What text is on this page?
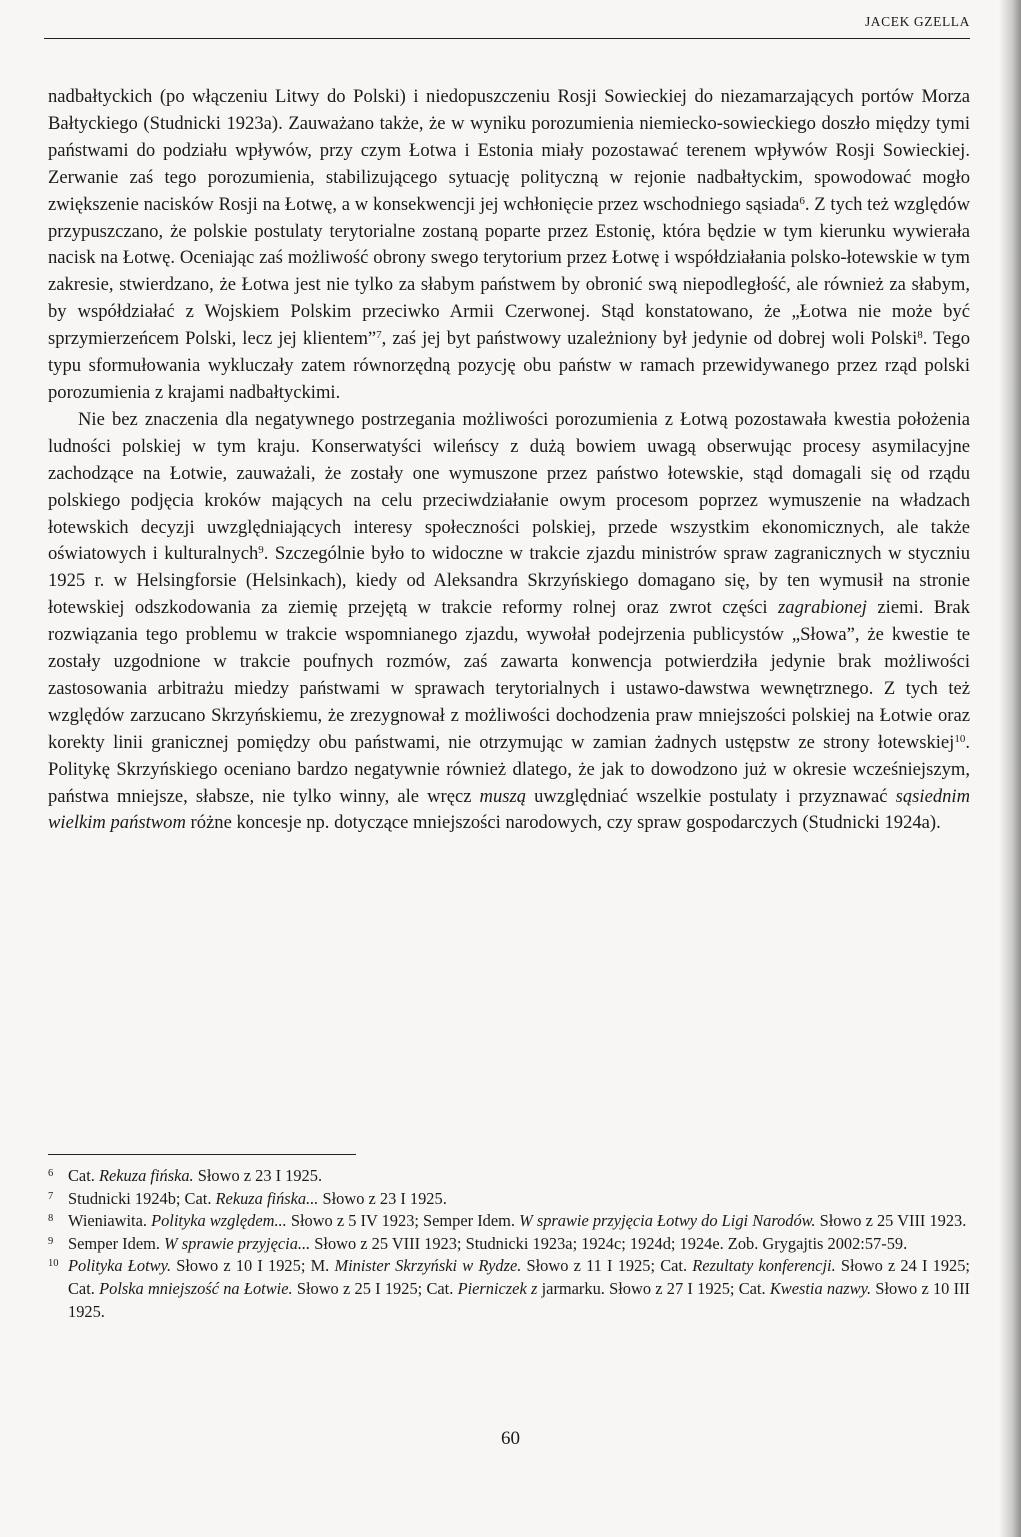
JACEK GZELLA

nadbałtyckich (po włączeniu Litwy do Polski) i niedopuszczeniu Rosji Sowieckiej do niezamarzających portów Morza Bałtyckiego (Studnicki 1923a). Zauważano także, że w wyniku porozumienia niemiecko-sowieckiego doszło między tymi państwami do podziału wpływów, przy czym Łotwa i Estonia miały pozostawać terenem wpływów Rosji Sowieckiej. Zerwanie zaś tego porozumienia, stabilizującego sytuację polityczną w rejonie nadbałtyckim, spowodować mogło zwiększenie nacisków Rosji na Łotwę, a w konsekwencji jej wchłonięcie przez wschodniego sąsiada$^6$. Z tych też względów przypuszczano, że polskie postulaty terytorialne zostaną poparte przez Estonię, która będzie w tym kierunku wywierała nacisk na Łotwę. Oceniając zaś możliwość obrony swego terytorium przez Łotwę i współdziałania polsko-łotewskie w tym zakresie, stwierdzano, że Łotwa jest nie tylko za słabym państwem by obronić swą niepodległość, ale również za słabym, by współdziałać z Wojskiem Polskim przeciwko Armii Czerwonej. Stąd konstatowano, że „Łotwa nie może być sprzymierzeńcem Polski, lecz jej klientem”$^7$, zaś jej byt państwowy uzależniony był jedynie od dobrej woli Polski$^8$. Tego typu sformułowania wykluczały zatem równorzędną pozycję obu państw w ramach przewidywanego przez rząd polski porozumienia z krajami nadbałtyckimi.

Nie bez znaczenia dla negatywnego postrzegania możliwości porozumienia z Łotwą pozostawała kwestia położenia ludności polskiej w tym kraju. Konserwatyści wileńscy z dużą bowiem uwagą obserwując procesy asymilacyjne zachodzące na Łotwie, zauważali, że zostały one wymuszone przez państwo łotewskie, stąd domagali się od rządu polskiego podjęcia kroków mających na celu przeciwdziałanie owym procesom poprzez wymuszenie na władzach łotewskich decyzji uwzględniających interesy społeczności polskiej, przede wszystkim ekonomicznych, ale także oświatowych i kulturalnych$^9$. Szczególnie było to widoczne w trakcie zjazdu ministrów spraw zagranicznych w styczniu 1925 r. w Helsingforsie (Helsinkach), kiedy od Aleksandra Skrzyńskiego domagano się, by ten wymusił na stronie łotewskiej odszkodowania za ziemię przejętą w trakcie reformy rolnej oraz zwrot części zagrabionej ziemi. Brak rozwiązania tego problemu w trakcie wspomnianego zjazdu, wywołał podejrzenia publicystów „Słowa”, że kwestie te zostały uzgodnione w trakcie poufnych rozmów, zaś zawarta konwencja potwierdziła jedynie brak możliwości zastosowania arbitrażu miedzy państwami w sprawach terytorialnych i ustawo-dawstwa wewnętrznego. Z tych też względów zarzucano Skrzyńskiemu, że zrezygnował z możliwości dochodzenia praw mniejszości polskiej na Łotwie oraz korekty linii granicznej pomiędzy obu państwami, nie otrzymując w zamian żadnych ustępstw ze strony łotewskiej$^{10}$. Politykę Skrzyńskiego oceniano bardzo negatywnie również dlatego, że jak to dowodzono już w okresie wcześniejszym, państwa mniejsze, słabsze, nie tylko winny, ale wręcz muszą uwzględniać wszelkie postulaty i przyznawać sąsiednim wielkim państwom różne koncesje np. dotyczące mniejszości narodowych, czy spraw gospodarczych (Studnicki 1924a).

$^6$ Cat. Rekuza fińska. Słowo z 23 I 1925.
$^7$ Studnicki 1924b; Cat. Rekuza fińska... Słowo z 23 I 1925.
$^8$ Wieniawita. Polityka względem... Słowo z 5 IV 1923; Semper Idem. W sprawie przyjęcia Łotwy do Ligi Narodów. Słowo z 25 VIII 1923.
$^9$ Semper Idem. W sprawie przyjęcia... Słowo z 25 VIII 1923; Studnicki 1923a; 1924c; 1924d; 1924e. Zob. Grygajtis 2002:57-59.
$^{10}$ Polityka Łotwy. Słowo z 10 I 1925; M. Minister Skrzyński w Rydze. Słowo z 11 I 1925; Cat. Rezultaty konferencji. Słowo z 24 I 1925; Cat. Polska mniejszość na Łotwie. Słowo z 25 I 1925; Cat. Pierniczek z jarmarku. Słowo z 27 I 1925; Cat. Kwestia nazwy. Słowo z 10 III 1925.
60
